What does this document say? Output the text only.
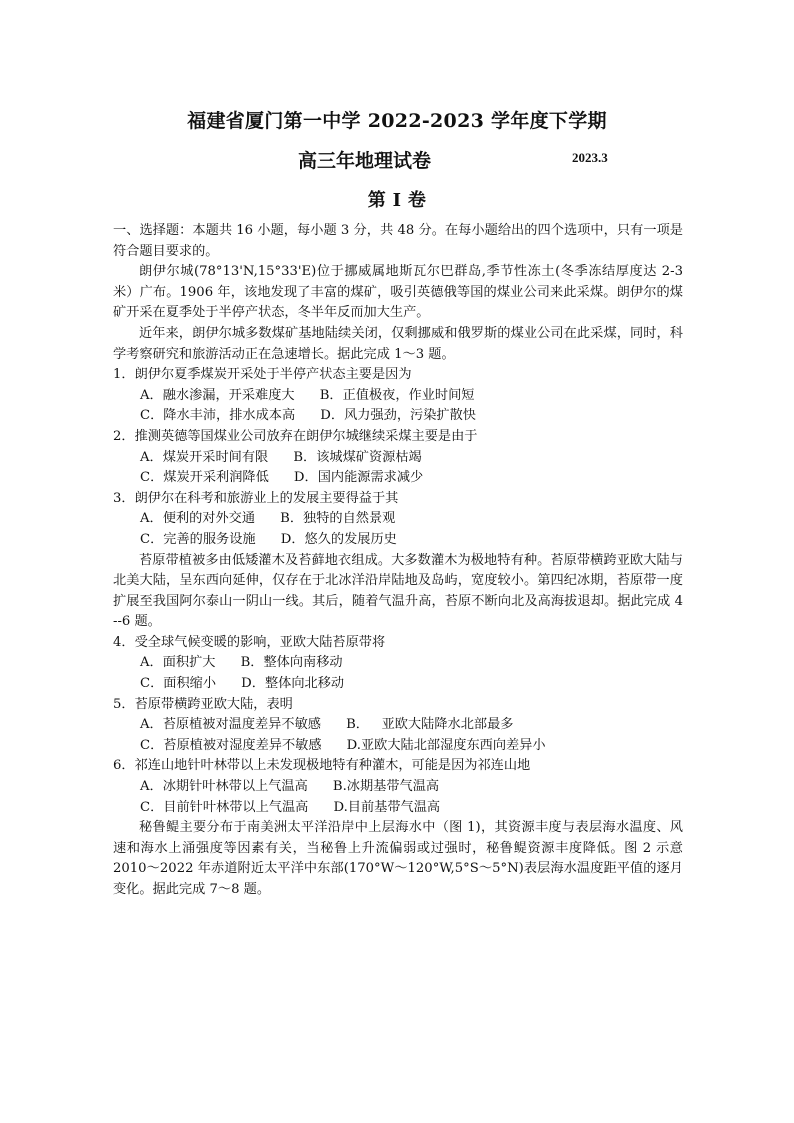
福建省厦门第一中学 2022-2023 学年度下学期
高三年地理试卷	2023.3
第 I 卷

一、选择题：本题共 16 小题，每小题 3 分，共 48 分。在每小题给出的四个选项中，只有一项是符合题目要求的。

朗伊尔城(78°13'N,15°33'E)位于挪威属地斯瓦尔巴群岛,季节性冻土(冬季冻结厚度达 2-3 米）广布。1906 年，该地发现了丰富的煤矿，吸引英德俄等国的煤业公司来此采煤。朗伊尔的煤矿开采在夏季处于半停产状态，冬半年反而加大生产。

近年来，朗伊尔城多数煤矿基地陆续关闭，仅剩挪威和俄罗斯的煤业公司在此采煤，同时，科学考察研究和旅游活动正在急速增长。据此完成 1～3 题。

1．朗伊尔夏季煤炭开采处于半停产状态主要是因为

A．融水渗漏，开采难度大      B．正值极夜，作业时间短

C．降水丰沛，排水成本高      D．风力强劲，污染扩散快

2．推测英德等国煤业公司放弃在朗伊尔城继续采煤主要是由于

A．煤炭开采时间有限      B．该城煤矿资源枯竭

C．煤炭开采利润降低      D．国内能源需求减少

3．朗伊尔在科考和旅游业上的发展主要得益于其

A．便利的对外交通      B．独特的自然景观

C．完善的服务设施      D．悠久的发展历史

苔原带植被多由低矮灌木及苔藓地衣组成。大多数灌木为极地特有种。苔原带横跨亚欧大陆与北美大陆，呈东西向延伸，仅存在于北冰洋沿岸陆地及岛屿，宽度较小。第四纪冰期，苔原带一度扩展至我国阿尔泰山一阴山一线。其后，随着气温升高，苔原不断向北及高海拔退却。据此完成 4 --6 题。

4．受全球气候变暖的影响，亚欧大陆苔原带将

A．面积扩大      B．整体向南移动

C．面积缩小      D．整体向北移动

5．苔原带横跨亚欧大陆，表明

A．苔原植被对温度差异不敏感      B．   亚欧大陆降水北部最多

C．苔原植被对湿度差异不敏感      D.亚欧大陆北部湿度东西向差异小

6．祁连山地针叶林带以上未发现极地特有种灌木，可能是因为祁连山地

A．冰期针叶林带以上气温高      B.冰期基带气温高

C．目前针叶林带以上气温高      D.目前基带气温高

秘鲁鳀主要分布于南美洲太平洋沿岸中上层海水中（图 1)，其资源丰度与表层海水温度、风速和海水上涌强度等因素有关，当秘鲁上升流偏弱或过强时，秘鲁鳀资源丰度降低。图 2 示意 2010～2022 年赤道附近太平洋中东部(170°W～120°W,5°S～5°N)表层海水温度距平值的逐月变化。据此完成 7～8 题。
